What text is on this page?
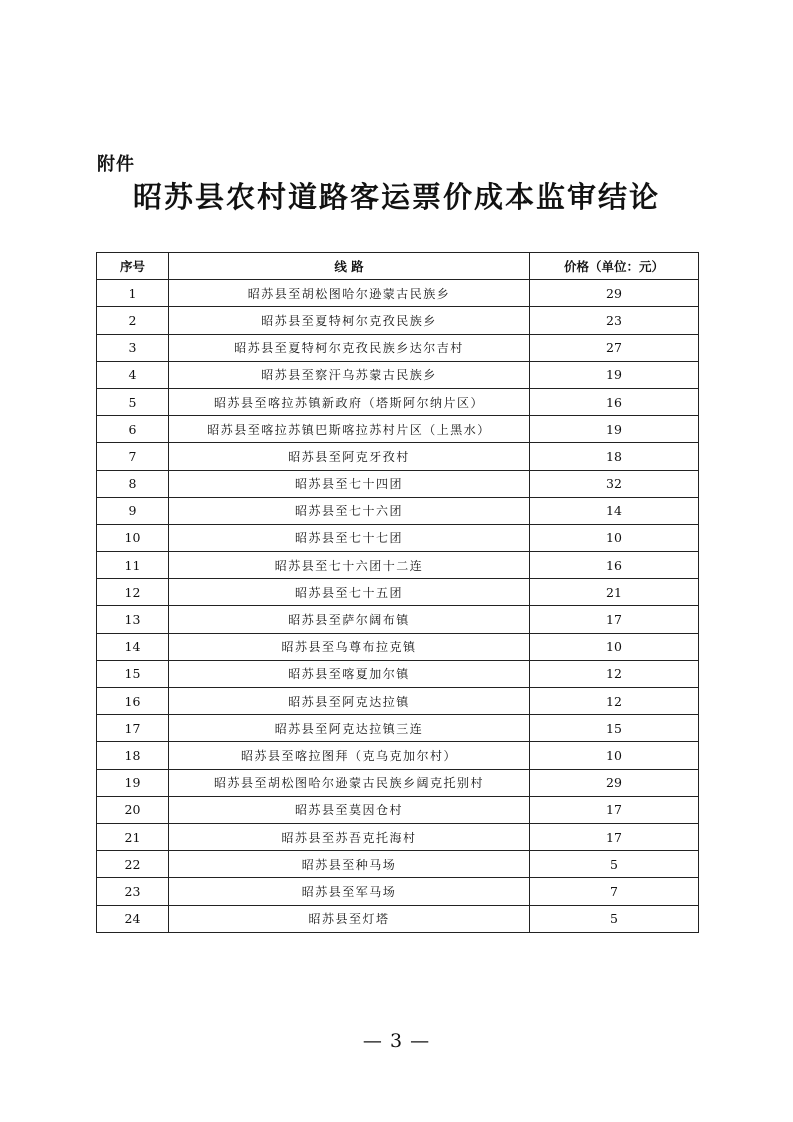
附件
昭苏县农村道路客运票价成本监审结论
序号	线 路	价格（单位：元）
1	昭苏县至胡松图哈尔逊蒙古民族乡	29
2	昭苏县至夏特柯尔克孜民族乡	23
3	昭苏县至夏特柯尔克孜民族乡达尔吉村	27
4	昭苏县至察汗乌苏蒙古民族乡	19
5	昭苏县至喀拉苏镇新政府（塔斯阿尔纳片区）	16
6	昭苏县至喀拉苏镇巴斯喀拉苏村片区（上黑水）	19
7	昭苏县至阿克牙孜村	18
8	昭苏县至七十四团	32
9	昭苏县至七十六团	14
10	昭苏县至七十七团	10
11	昭苏县至七十六团十二连	16
12	昭苏县至七十五团	21
13	昭苏县至萨尔阔布镇	17
14	昭苏县至乌尊布拉克镇	10
15	昭苏县至喀夏加尔镇	12
16	昭苏县至阿克达拉镇	12
17	昭苏县至阿克达拉镇三连	15
18	昭苏县至喀拉图拜（克乌克加尔村）	10
19	昭苏县至胡松图哈尔逊蒙古民族乡阔克托别村	29
20	昭苏县至莫因仓村	17
21	昭苏县至苏吾克托海村	17
22	昭苏县至种马场	5
23	昭苏县至军马场	7
24	昭苏县至灯塔	5
— 3 —
